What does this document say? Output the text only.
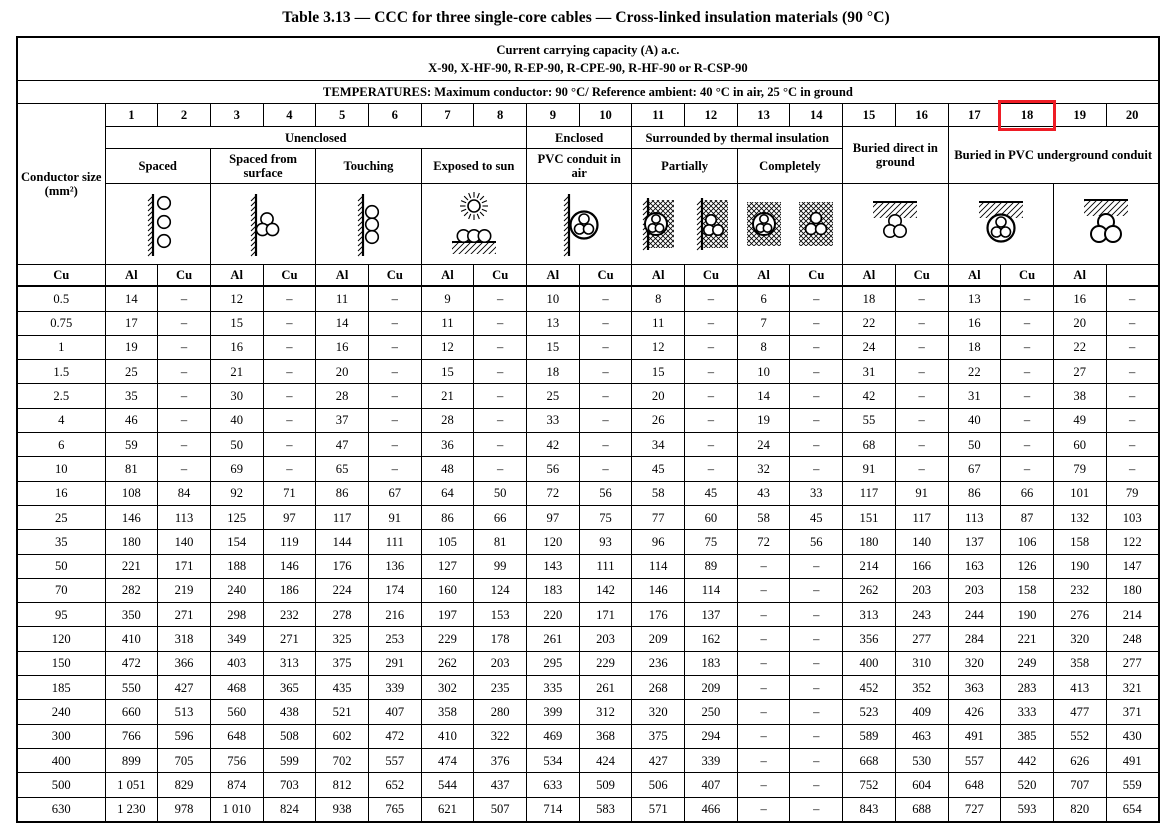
Table 3.13 — CCC for three single-core cables — Cross-linked insulation materials (90 °C)
Current carrying capacity (A) a.c.
X-90, X-HF-90, R-EP-90, R-CPE-90, R-HF-90 or R-CSP-90																				

TEMPERATURES: Maximum conductor: 90 °C/ Reference ambient: 40 °C in air, 25 °C in ground																				
Conductor size (mm²)	1	2	3	4	5	6	7	8	9	10	11	12	13	14	15	16	17	18	19	20
	Unenclosed								Enclosed		Surrounded by thermal insulation				Buried direct in ground		Buried in PVC underground conduit			
	Spaced		Spaced from surface		Touching		Exposed to sun		PVC conduit in air		Partially		Completely							

Cu	Al	Cu	Al	Cu	Al	Cu	Al	Cu	Al	Cu	Al	Cu	Al	Cu	Al	Cu	Al	Cu	Al	
0.5	14	–	12	–	11	–	9	–	10	–	8	–	6	–	18	–	13	–	16	–
0.75	17	–	15	–	14	–	11	–	13	–	11	–	7	–	22	–	16	–	20	–
1	19	–	16	–	16	–	12	–	15	–	12	–	8	–	24	–	18	–	22	–
1.5	25	–	21	–	20	–	15	–	18	–	15	–	10	–	31	–	22	–	27	–
2.5	35	–	30	–	28	–	21	–	25	–	20	–	14	–	42	–	31	–	38	–
4	46	–	40	–	37	–	28	–	33	–	26	–	19	–	55	–	40	–	49	–
6	59	–	50	–	47	–	36	–	42	–	34	–	24	–	68	–	50	–	60	–
10	81	–	69	–	65	–	48	–	56	–	45	–	32	–	91	–	67	–	79	–
16	108	84	92	71	86	67	64	50	72	56	58	45	43	33	117	91	86	66	101	79
25	146	113	125	97	117	91	86	66	97	75	77	60	58	45	151	117	113	87	132	103
35	180	140	154	119	144	111	105	81	120	93	96	75	72	56	180	140	137	106	158	122
50	221	171	188	146	176	136	127	99	143	111	114	89	–	–	214	166	163	126	190	147
70	282	219	240	186	224	174	160	124	183	142	146	114	–	–	262	203	203	158	232	180
95	350	271	298	232	278	216	197	153	220	171	176	137	–	–	313	243	244	190	276	214
120	410	318	349	271	325	253	229	178	261	203	209	162	–	–	356	277	284	221	320	248
150	472	366	403	313	375	291	262	203	295	229	236	183	–	–	400	310	320	249	358	277
185	550	427	468	365	435	339	302	235	335	261	268	209	–	–	452	352	363	283	413	321
240	660	513	560	438	521	407	358	280	399	312	320	250	–	–	523	409	426	333	477	371
300	766	596	648	508	602	472	410	322	469	368	375	294	–	–	589	463	491	385	552	430
400	899	705	756	599	702	557	474	376	534	424	427	339	–	–	668	530	557	442	626	491
500	1 051	829	874	703	812	652	544	437	633	509	506	407	–	–	752	604	648	520	707	559
630	1 230	978	1 010	824	938	765	621	507	714	583	571	466	–	–	843	688	727	593	820	654
